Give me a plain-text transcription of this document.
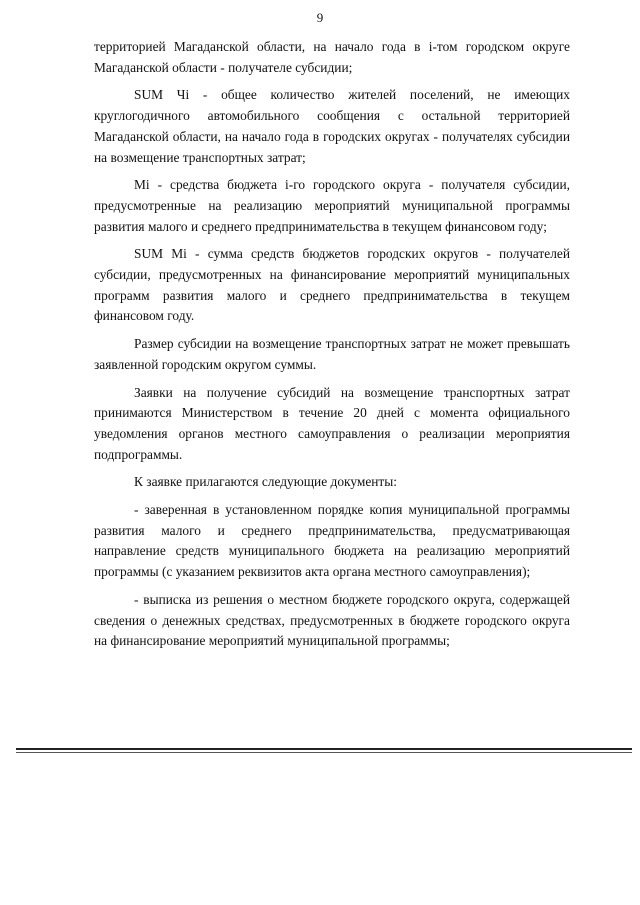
9

территорией Магаданской области, на начало года в i-том городском округе Магаданской области - получателе субсидии;

SUM Чi - общее количество жителей поселений, не имеющих круглогодичного автомобильного сообщения с остальной территорией Магаданской области, на начало года в городских округах - получателях субсидии на возмещение транспортных затрат;

Мi - средства бюджета i-го городского округа - получателя субсидии, предусмотренные на реализацию мероприятий муниципальной программы развития малого и среднего предпринимательства в текущем финансовом году;

SUM Мi - сумма средств бюджетов городских округов - получателей субсидии, предусмотренных на финансирование мероприятий муниципальных программ развития малого и среднего предпринимательства в текущем финансовом году.

Размер субсидии на возмещение транспортных затрат не может превышать заявленной городским округом суммы.

Заявки на получение субсидий на возмещение транспортных затрат принимаются Министерством в течение 20 дней с момента официального уведомления органов местного самоуправления о реализации мероприятия подпрограммы.

К заявке прилагаются следующие документы:

- заверенная в установленном порядке копия муниципальной программы развития малого и среднего предпринимательства, предусматривающая направление средств муниципального бюджета на реализацию мероприятий программы (с указанием реквизитов акта органа местного самоуправления);

- выписка из решения о местном бюджете городского округа, содержащей сведения о денежных средствах, предусмотренных в бюджете городского округа на финансирование мероприятий муниципальной программы;
